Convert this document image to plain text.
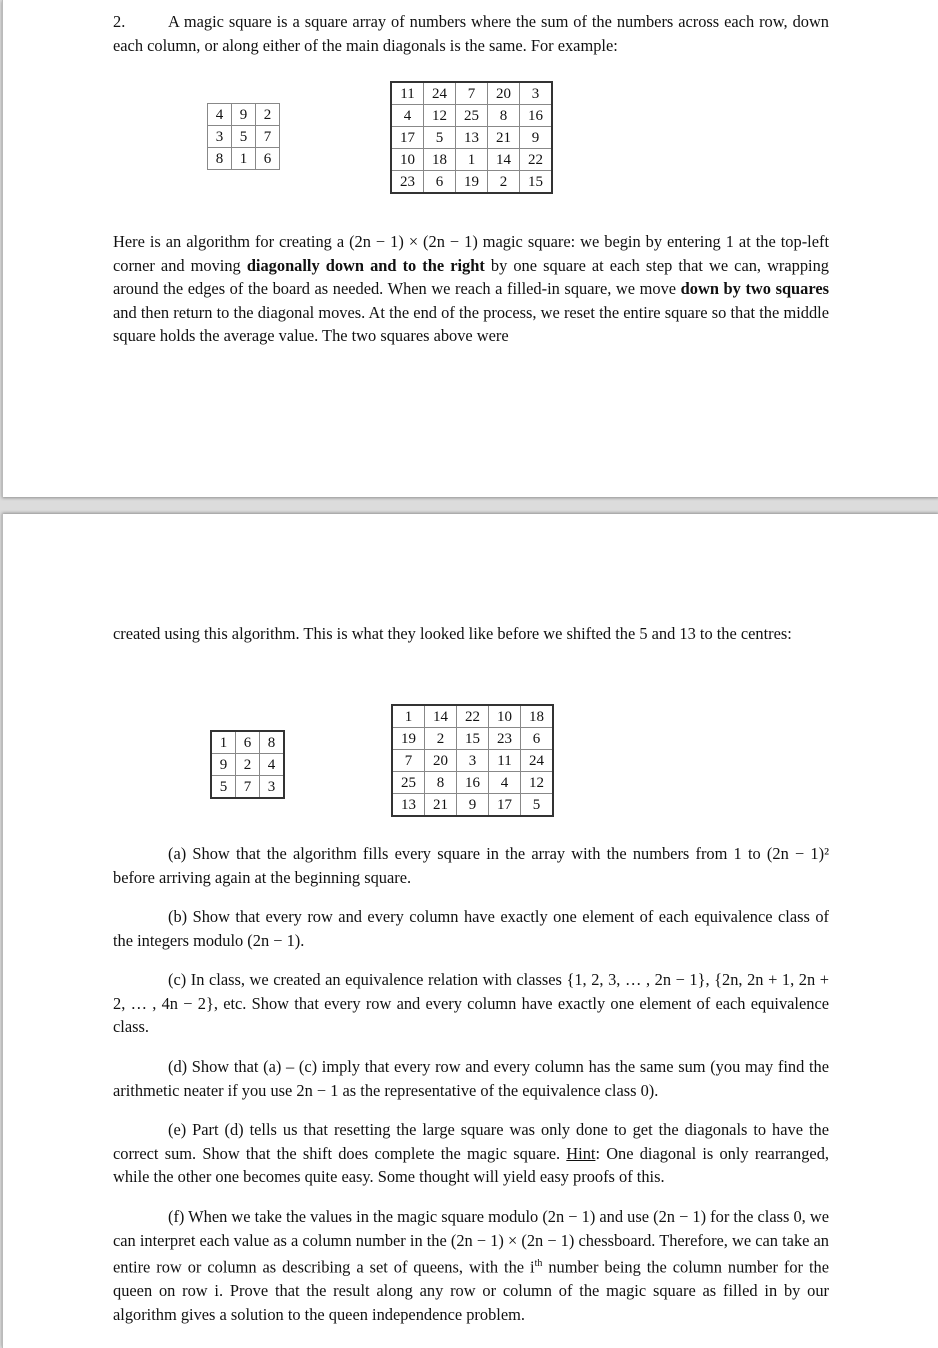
2.	A magic square is a square array of numbers where the sum of the numbers across each row, down each column, or along either of the main diagonals is the same. For example:
4	9	2
3	5	7
8	1	6
11	24	7	20	3
4	12	25	8	16
17	5	13	21	9
10	18	1	14	22
23	6	19	2	15
Here is an algorithm for creating a (2n − 1) × (2n − 1) magic square: we begin by entering 1 at the top-left corner and moving diagonally down and to the right by one square at each step that we can, wrapping around the edges of the board as needed. When we reach a filled-in square, we move down by two squares and then return to the diagonal moves. At the end of the process, we reset the entire square so that the middle square holds the average value. The two squares above were
created using this algorithm. This is what they looked like before we shifted the 5 and 13 to the centres:
1	6	8
9	2	4
5	7	3
1	14	22	10	18
19	2	15	23	6
7	20	3	11	24
25	8	16	4	12
13	21	9	17	5
(a) Show that the algorithm fills every square in the array with the numbers from 1 to (2n − 1)² before arriving again at the beginning square.
(b) Show that every row and every column have exactly one element of each equivalence class of the integers modulo (2n − 1).
(c) In class, we created an equivalence relation with classes {1, 2, 3, … , 2n − 1}, {2n, 2n + 1, 2n + 2, … , 4n − 2}, etc. Show that every row and every column have exactly one element of each equivalence class.
(d) Show that (a) – (c) imply that every row and every column has the same sum (you may find the arithmetic neater if you use 2n − 1 as the representative of the equivalence class 0).
(e) Part (d) tells us that resetting the large square was only done to get the diagonals to have the correct sum. Show that the shift does complete the magic square. Hint: One diagonal is only rearranged, while the other one becomes quite easy. Some thought will yield easy proofs of this.
(f) When we take the values in the magic square modulo (2n − 1) and use (2n − 1) for the class 0, we can interpret each value as a column number in the (2n − 1) × (2n − 1) chessboard. Therefore, we can take an entire row or column as describing a set of queens, with the $i^{th}$ number being the column number for the queen on row i. Prove that the result along any row or column of the magic square as filled in by our algorithm gives a solution to the queen independence problem.
